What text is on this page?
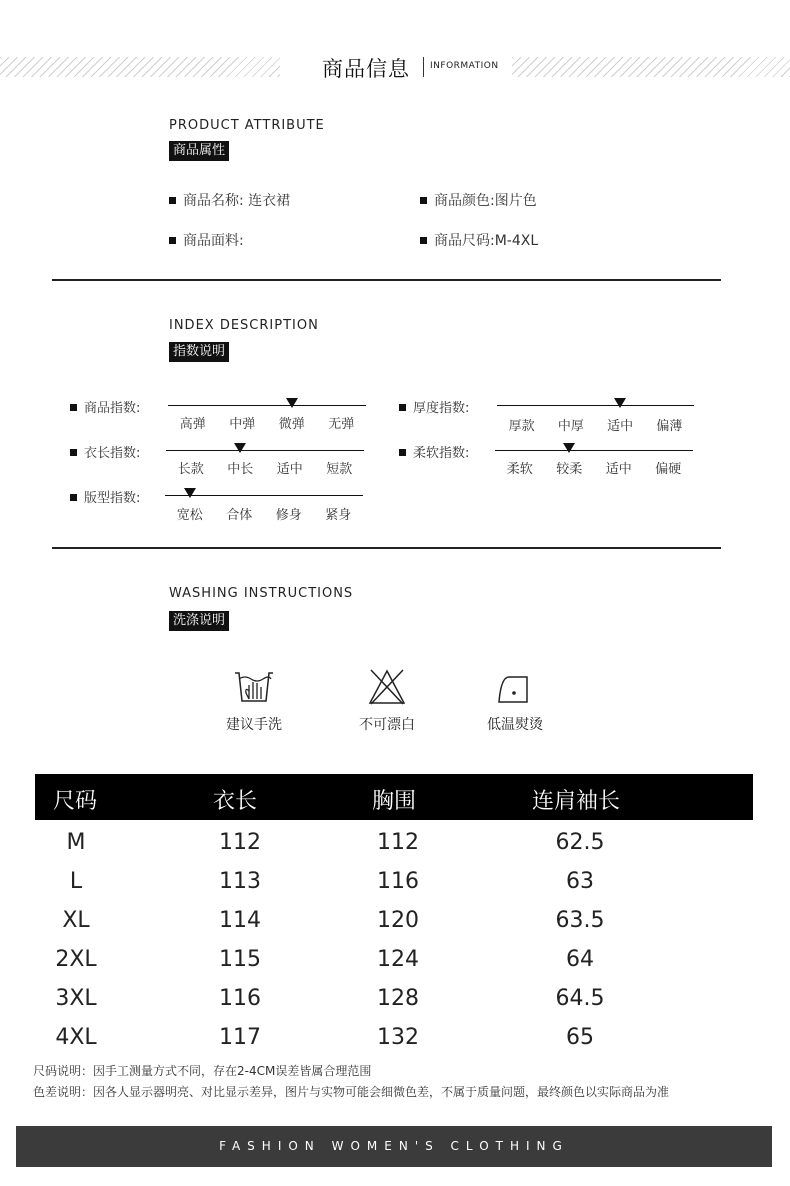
商品信息 INFORMATION
PRODUCT ATTRIBUTE
商品属性
商品名称: 连衣裙	商品颜色:图片色
商品面料:	商品尺码:M-4XL
INDEX DESCRIPTION
指数说明
商品指数:
高弹	中弹	微弹	无弹
厚度指数:
厚款	中厚	适中	偏薄
衣长指数:
长款	中长	适中	短款
柔软指数:
柔软	较柔	适中	偏硬
版型指数:
宽松	合体	修身	紧身
WASHING INSTRUCTIONS
洗涤说明
建议手洗	不可漂白	低温熨烫
尺码	衣长	胸围	连肩袖长
M	112	112	62.5
L	113	116	63
XL	114	120	63.5
2XL	115	124	64
3XL	116	128	64.5
4XL	117	132	65
尺码说明：因手工测量方式不同，存在2-4CM误差皆属合理范围
色差说明：因各人显示器明亮、对比显示差异，图片与实物可能会细微色差，不属于质量问题，最终颜色以实际商品为准
FASHION WOMEN'S CLOTHING
